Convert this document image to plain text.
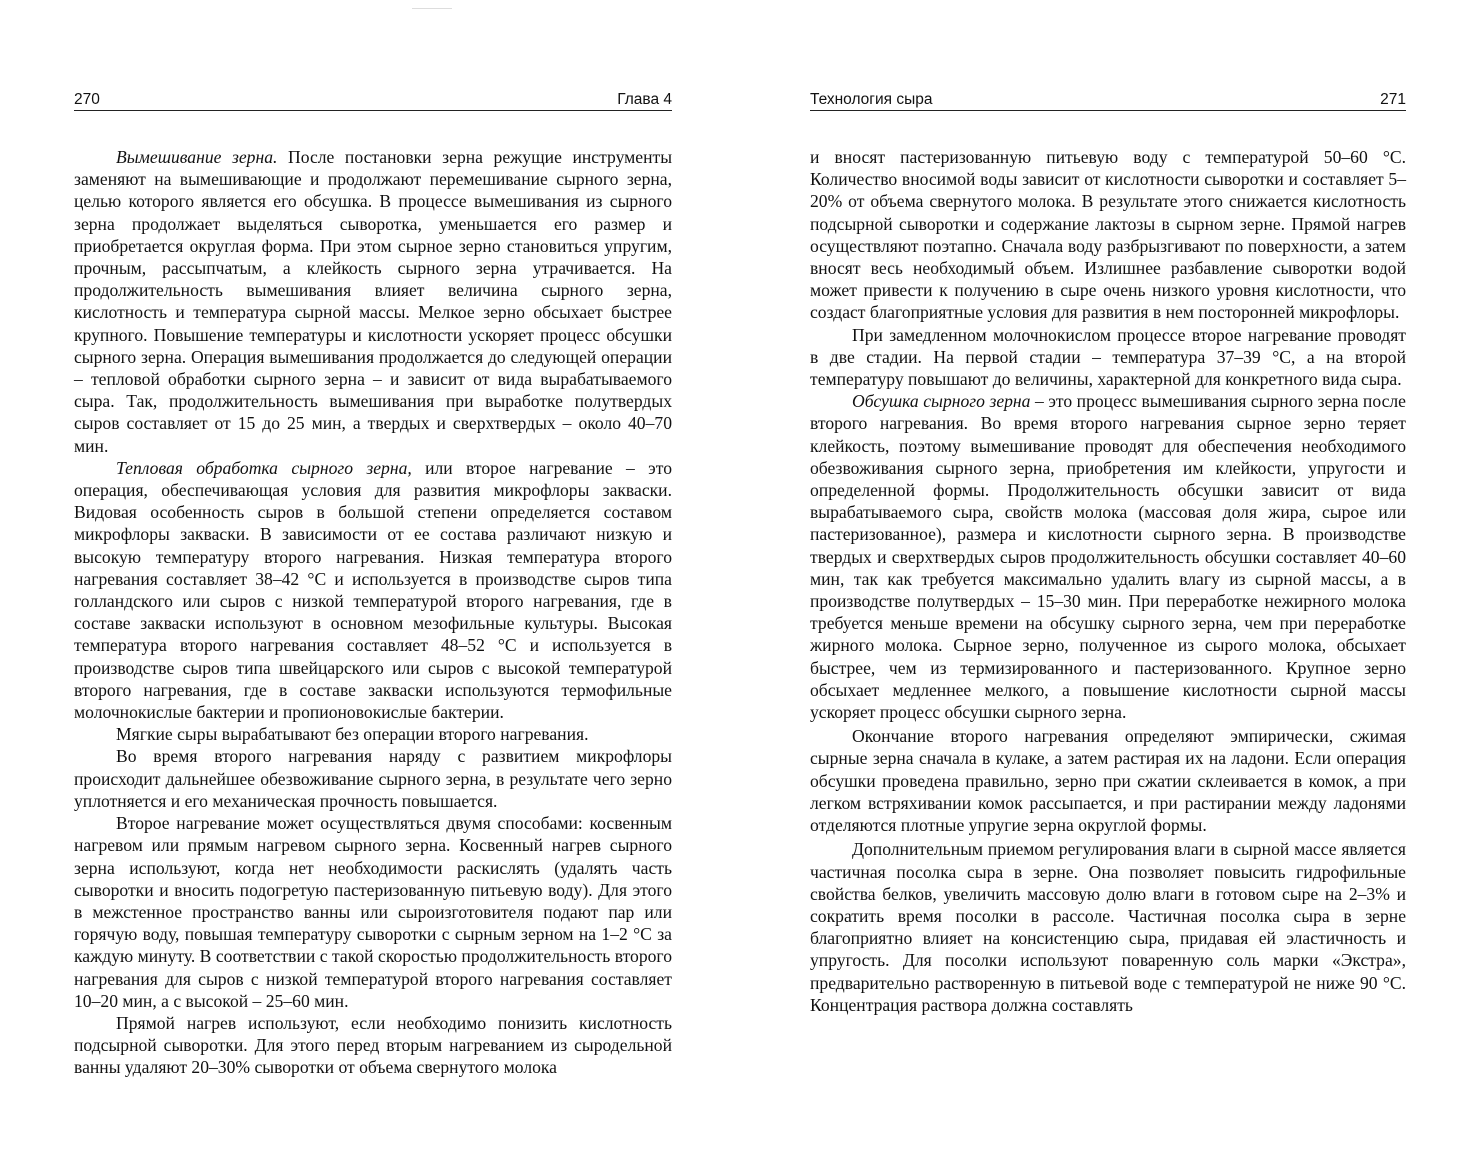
270	Глава 4

Вымешивание зерна. После постановки зерна режущие инструменты заменяют на вымешивающие и продолжают перемешивание сырного зерна, целью которого является его обсушка. В процессе вымешивания из сырного зерна продолжает выделяться сыворотка, уменьшается его размер и приобретается округлая форма. При этом сырное зерно становиться упругим, прочным, рассыпчатым, а клейкость сырного зерна утрачивается. На продолжительность вымешивания влияет величина сырного зерна, кислотность и температура сырной массы. Мелкое зерно обсыхает быстрее крупного. Повышение температуры и кислотности ускоряет процесс обсушки сырного зерна. Операция вымешивания продолжается до следующей операции – тепловой обработки сырного зерна – и зависит от вида вырабатываемого сыра. Так, продолжительность вымешивания при выработке полутвердых сыров составляет от 15 до 25 мин, а твердых и сверхтвердых – около 40–70 мин.

Тепловая обработка сырного зерна, или второе нагревание – это операция, обеспечивающая условия для развития микрофлоры закваски. Видовая особенность сыров в большой степени определяется составом микрофлоры закваски. В зависимости от ее состава различают низкую и высокую температуру второго нагревания. Низкая температура второго нагревания составляет 38–42 °С и используется в производстве сыров типа голландского или сыров с низкой температурой второго нагревания, где в составе закваски используют в основном мезофильные культуры. Высокая температура второго нагревания составляет 48–52 °С и используется в производстве сыров типа швейцарского или сыров с высокой температурой второго нагревания, где в составе закваски используются термофильные молочнокислые бактерии и пропионовокислые бактерии.

Мягкие сыры вырабатывают без операции второго нагревания.

Во время второго нагревания наряду с развитием микрофлоры происходит дальнейшее обезвоживание сырного зерна, в результате чего зерно уплотняется и его механическая прочность повышается.

Второе нагревание может осуществляться двумя способами: косвенным нагревом или прямым нагревом сырного зерна. Косвенный нагрев сырного зерна используют, когда нет необходимости раскислять (удалять часть сыворотки и вносить подогретую пастеризованную питьевую воду). Для этого в межстенное пространство ванны или сыроизготовителя подают пар или горячую воду, повышая температуру сыворотки с сырным зерном на 1–2 °С за каждую минуту. В соответствии с такой скоростью продолжительность второго нагревания для сыров с низкой температурой второго нагревания составляет 10–20 мин, а с высокой – 25–60 мин.

Прямой нагрев используют, если необходимо понизить кислотность подсырной сыворотки. Для этого перед вторым нагреванием из сыродельной ванны удаляют 20–30% сыворотки от объема свернутого молока

Технология сыра	271

и вносят пастеризованную питьевую воду с температурой 50–60 °С. Количество вносимой воды зависит от кислотности сыворотки и составляет 5–20% от объема свернутого молока. В результате этого снижается кислотность подсырной сыворотки и содержание лактозы в сырном зерне. Прямой нагрев осуществляют поэтапно. Сначала воду разбрызгивают по поверхности, а затем вносят весь необходимый объем. Излишнее разбавление сыворотки водой может привести к получению в сыре очень низкого уровня кислотности, что создаст благоприятные условия для развития в нем посторонней микрофлоры.

При замедленном молочнокислом процессе второе нагревание проводят в две стадии. На первой стадии – температура 37–39 °С, а на второй температуру повышают до величины, характерной для конкретного вида сыра.

Обсушка сырного зерна – это процесс вымешивания сырного зерна после второго нагревания. Во время второго нагревания сырное зерно теряет клейкость, поэтому вымешивание проводят для обеспечения необходимого обезвоживания сырного зерна, приобретения им клейкости, упругости и определенной формы. Продолжительность обсушки зависит от вида вырабатываемого сыра, свойств молока (массовая доля жира, сырое или пастеризованное), размера и кислотности сырного зерна. В производстве твердых и сверхтвердых сыров продолжительность обсушки составляет 40–60 мин, так как требуется максимально удалить влагу из сырной массы, а в производстве полутвердых – 15–30 мин. При переработке нежирного молока требуется меньше времени на обсушку сырного зерна, чем при переработке жирного молока. Сырное зерно, полученное из сырого молока, обсыхает быстрее, чем из термизированного и пастеризованного. Крупное зерно обсыхает медленнее мелкого, а повышение кислотности сырной массы ускоряет процесс обсушки сырного зерна.

Окончание второго нагревания определяют эмпирически, сжимая сырные зерна сначала в кулаке, а затем растирая их на ладони. Если операция обсушки проведена правильно, зерно при сжатии склеивается в комок, а при легком встряхивании комок рассыпается, и при растирании между ладонями отделяются плотные упругие зерна округлой формы.

Дополнительным приемом регулирования влаги в сырной массе является частичная посолка сыра в зерне. Она позволяет повысить гидрофильные свойства белков, увеличить массовую долю влаги в готовом сыре на 2–3% и сократить время посолки в рассоле. Частичная посолка сыра в зерне благоприятно влияет на консистенцию сыра, придавая ей эластичность и упругость. Для посолки используют поваренную соль марки «Экстра», предварительно растворенную в питьевой воде с температурой не ниже 90 °С. Концентрация раствора должна составлять
